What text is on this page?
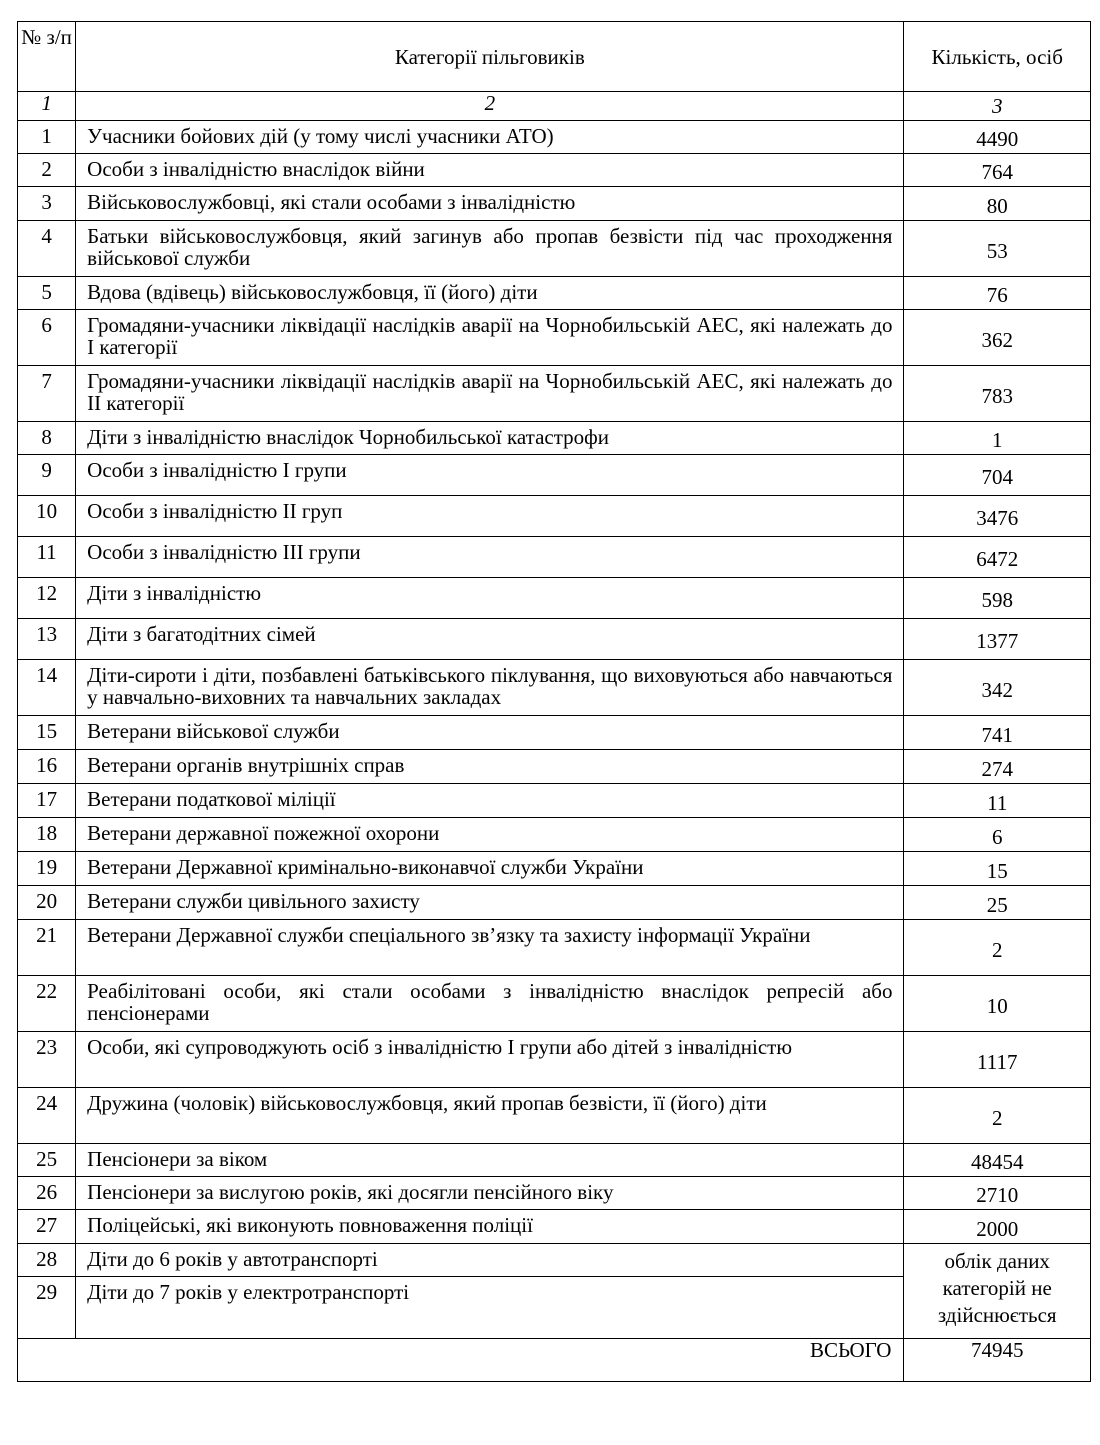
№ з/п	Категорії пільговиків	Кількість, осіб
1	2	3
1	Учасники бойових дій (у тому числі учасники АТО)	4490
2	Особи з інвалідністю внаслідок війни	764
3	Військовослужбовці, які стали особами з інвалідністю	80
4	Батьки військовослужбовця, який загинув або пропав безвісти під час проходження військової служби	53
5	Вдова (вдівець) військовослужбовця, її (його) діти	76
6	Громадяни-учасники ліквідації наслідків аварії на Чорнобильській АЕС, які належать до І категорії	362
7	Громадяни-учасники ліквідації наслідків аварії на Чорнобильській АЕС, які належать до ІІ категорії	783
8	Діти з інвалідністю внаслідок Чорнобильської катастрофи	1
9	Особи з інвалідністю І групи	704
10	Особи з інвалідністю ІІ груп	3476
11	Особи з інвалідністю ІІІ групи	6472
12	Діти з інвалідністю	598
13	Діти з багатодітних сімей	1377
14	Діти-сироти і діти, позбавлені батьківського піклування, що виховуються або навчаються у навчально-виховних та навчальних закладах	342
15	Ветерани військової служби	741
16	Ветерани органів внутрішніх справ	274
17	Ветерани податкової міліції	11
18	Ветерани державної пожежної охорони	6
19	Ветерани Державної кримінально-виконавчої служби України	15
20	Ветерани служби цивільного захисту	25
21	Ветерани Державної служби спеціального зв’язку та захисту інформації України	2
22	Реабілітовані особи, які стали особами з інвалідністю внаслідок репресій або пенсіонерами	10
23	Особи, які супроводжують осіб з інвалідністю І групи або дітей з інвалідністю	1117
24	Дружина (чоловік) військовослужбовця, який пропав безвісти, її (його) діти	2
25	Пенсіонери за віком	48454
26	Пенсіонери за вислугою років, які досягли пенсійного віку	2710
27	Поліцейські, які виконують повноваження поліції	2000
28	Діти до 6 років у автотранспорті	облік даних категорій не здійснюється
29	Діти до 7 років у електротранспорті	
ВСЬОГО		74945
